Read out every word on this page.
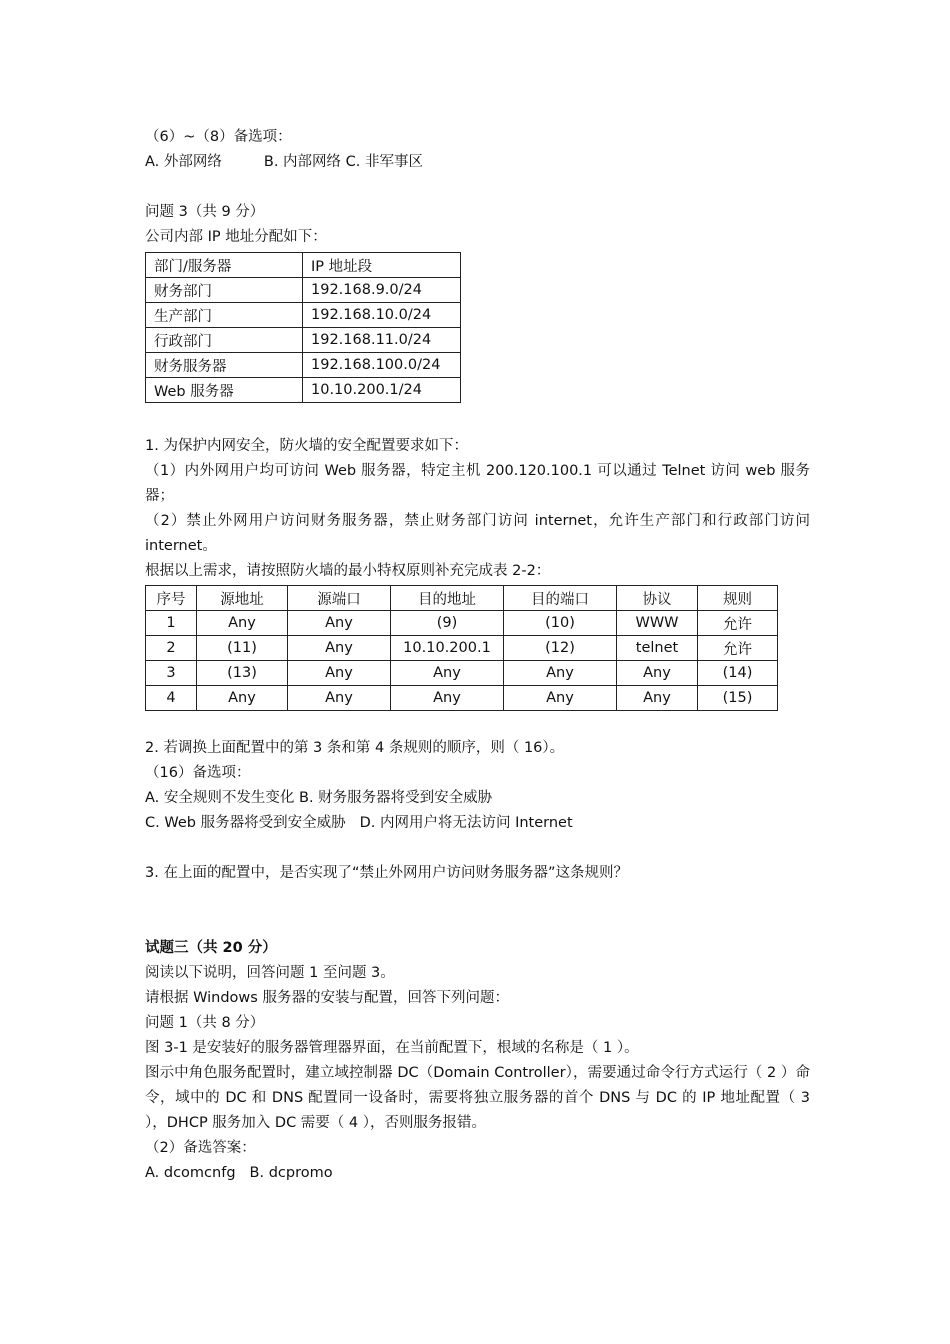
（6）~（8）备选项：
A. 外部网络	B. 内部网络 C. 非军事区
问题 3（共 9 分）
公司内部 IP 地址分配如下：
部门/服务器	IP 地址段
财务部门	192.168.9.0/24
生产部门	192.168.10.0/24
行政部门	192.168.11.0/24
财务服务器	192.168.100.0/24
Web 服务器	10.10.200.1/24
1. 为保护内网安全，防火墙的安全配置要求如下：
（1）内外网用户均可访问 Web 服务器，特定主机 200.120.100.1 可以通过 Telnet 访问 web 服务器；
（2）禁止外网用户访问财务服务器，禁止财务部门访问 internet，允许生产部门和行政部门访问 internet。
根据以上需求，请按照防火墙的最小特权原则补充完成表 2-2：
序号	源地址	源端口	目的地址	目的端口	协议	规则
1	Any	Any	(9)	(10)	WWW	允许
2	(11)	Any	10.10.200.1	(12)	telnet	允许
3	(13)	Any	Any	Any	Any	(14)
4	Any	Any	Any	Any	Any	(15)
2. 若调换上面配置中的第 3 条和第 4 条规则的顺序，则（ 16）。
（16）备选项：
A. 安全规则不发生变化 B. 财务服务器将受到安全威胁
C. Web 服务器将受到安全威胁 D. 内网用户将无法访问 Internet
3. 在上面的配置中，是否实现了“禁止外网用户访问财务服务器”这条规则？
试题三（共 20 分）
阅读以下说明，回答问题 1 至问题 3。
请根据 Windows 服务器的安装与配置，回答下列问题：
问题 1（共 8 分）
图 3-1 是安装好的服务器管理器界面，在当前配置下，根域的名称是（ 1 ）。
图示中角色服务配置时，建立域控制器 DC（Domain Controller），需要通过命令行方式运行（ 2 ）命令，域中的 DC 和 DNS 配置同一设备时，需要将独立服务器的首个 DNS 与 DC 的 IP 地址配置（ 3 ），DHCP 服务加入 DC 需要（ 4 ），否则服务报错。
（2）备选答案：
A. dcomcnfg B. dcpromo
